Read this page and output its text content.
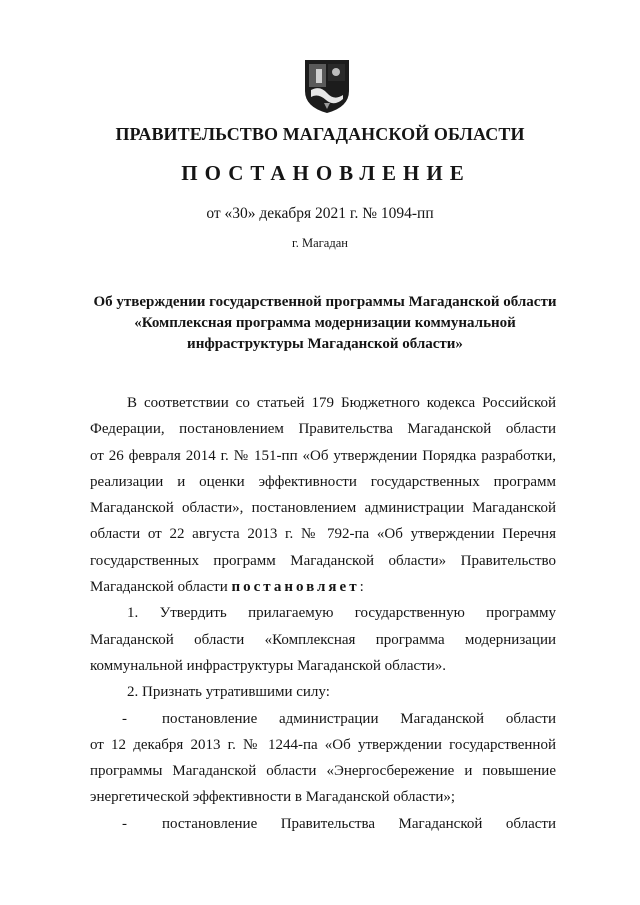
ПРАВИТЕЛЬСТВО МАГАДАНСКОЙ ОБЛАСТИ
ПОСТАНОВЛЕНИЕ
от «30» декабря 2021 г. № 1094-пп
г. Магадан
Об утверждении государственной программы Магаданской области
«Комплексная программа модернизации коммунальной
инфраструктуры Магаданской области»

В соответствии со статьей 179 Бюджетного кодекса Российской

Федерации, постановлением Правительства Магаданской области

от 26 февраля 2014 г. № 151-пп «Об утверждении Порядка разработки,

реализации и оценки эффективности государственных программ

Магаданской области», постановлением администрации Магаданской

области от 22 августа 2013 г. № 792-па «Об утверждении Перечня

государственных программ Магаданской области» Правительство

Магаданской области постановляет:

1. Утвердить прилагаемую государственную программу

Магаданской области «Комплексная программа модернизации

коммунальной инфраструктуры Магаданской области».

2. Признать утратившими силу:

-	постановление администрации Магаданской области

от 12 декабря 2013 г. № 1244-па «Об утверждении государственной

программы Магаданской области «Энергосбережение и повышение

энергетической эффективности в Магаданской области»;

-	постановление Правительства Магаданской области
